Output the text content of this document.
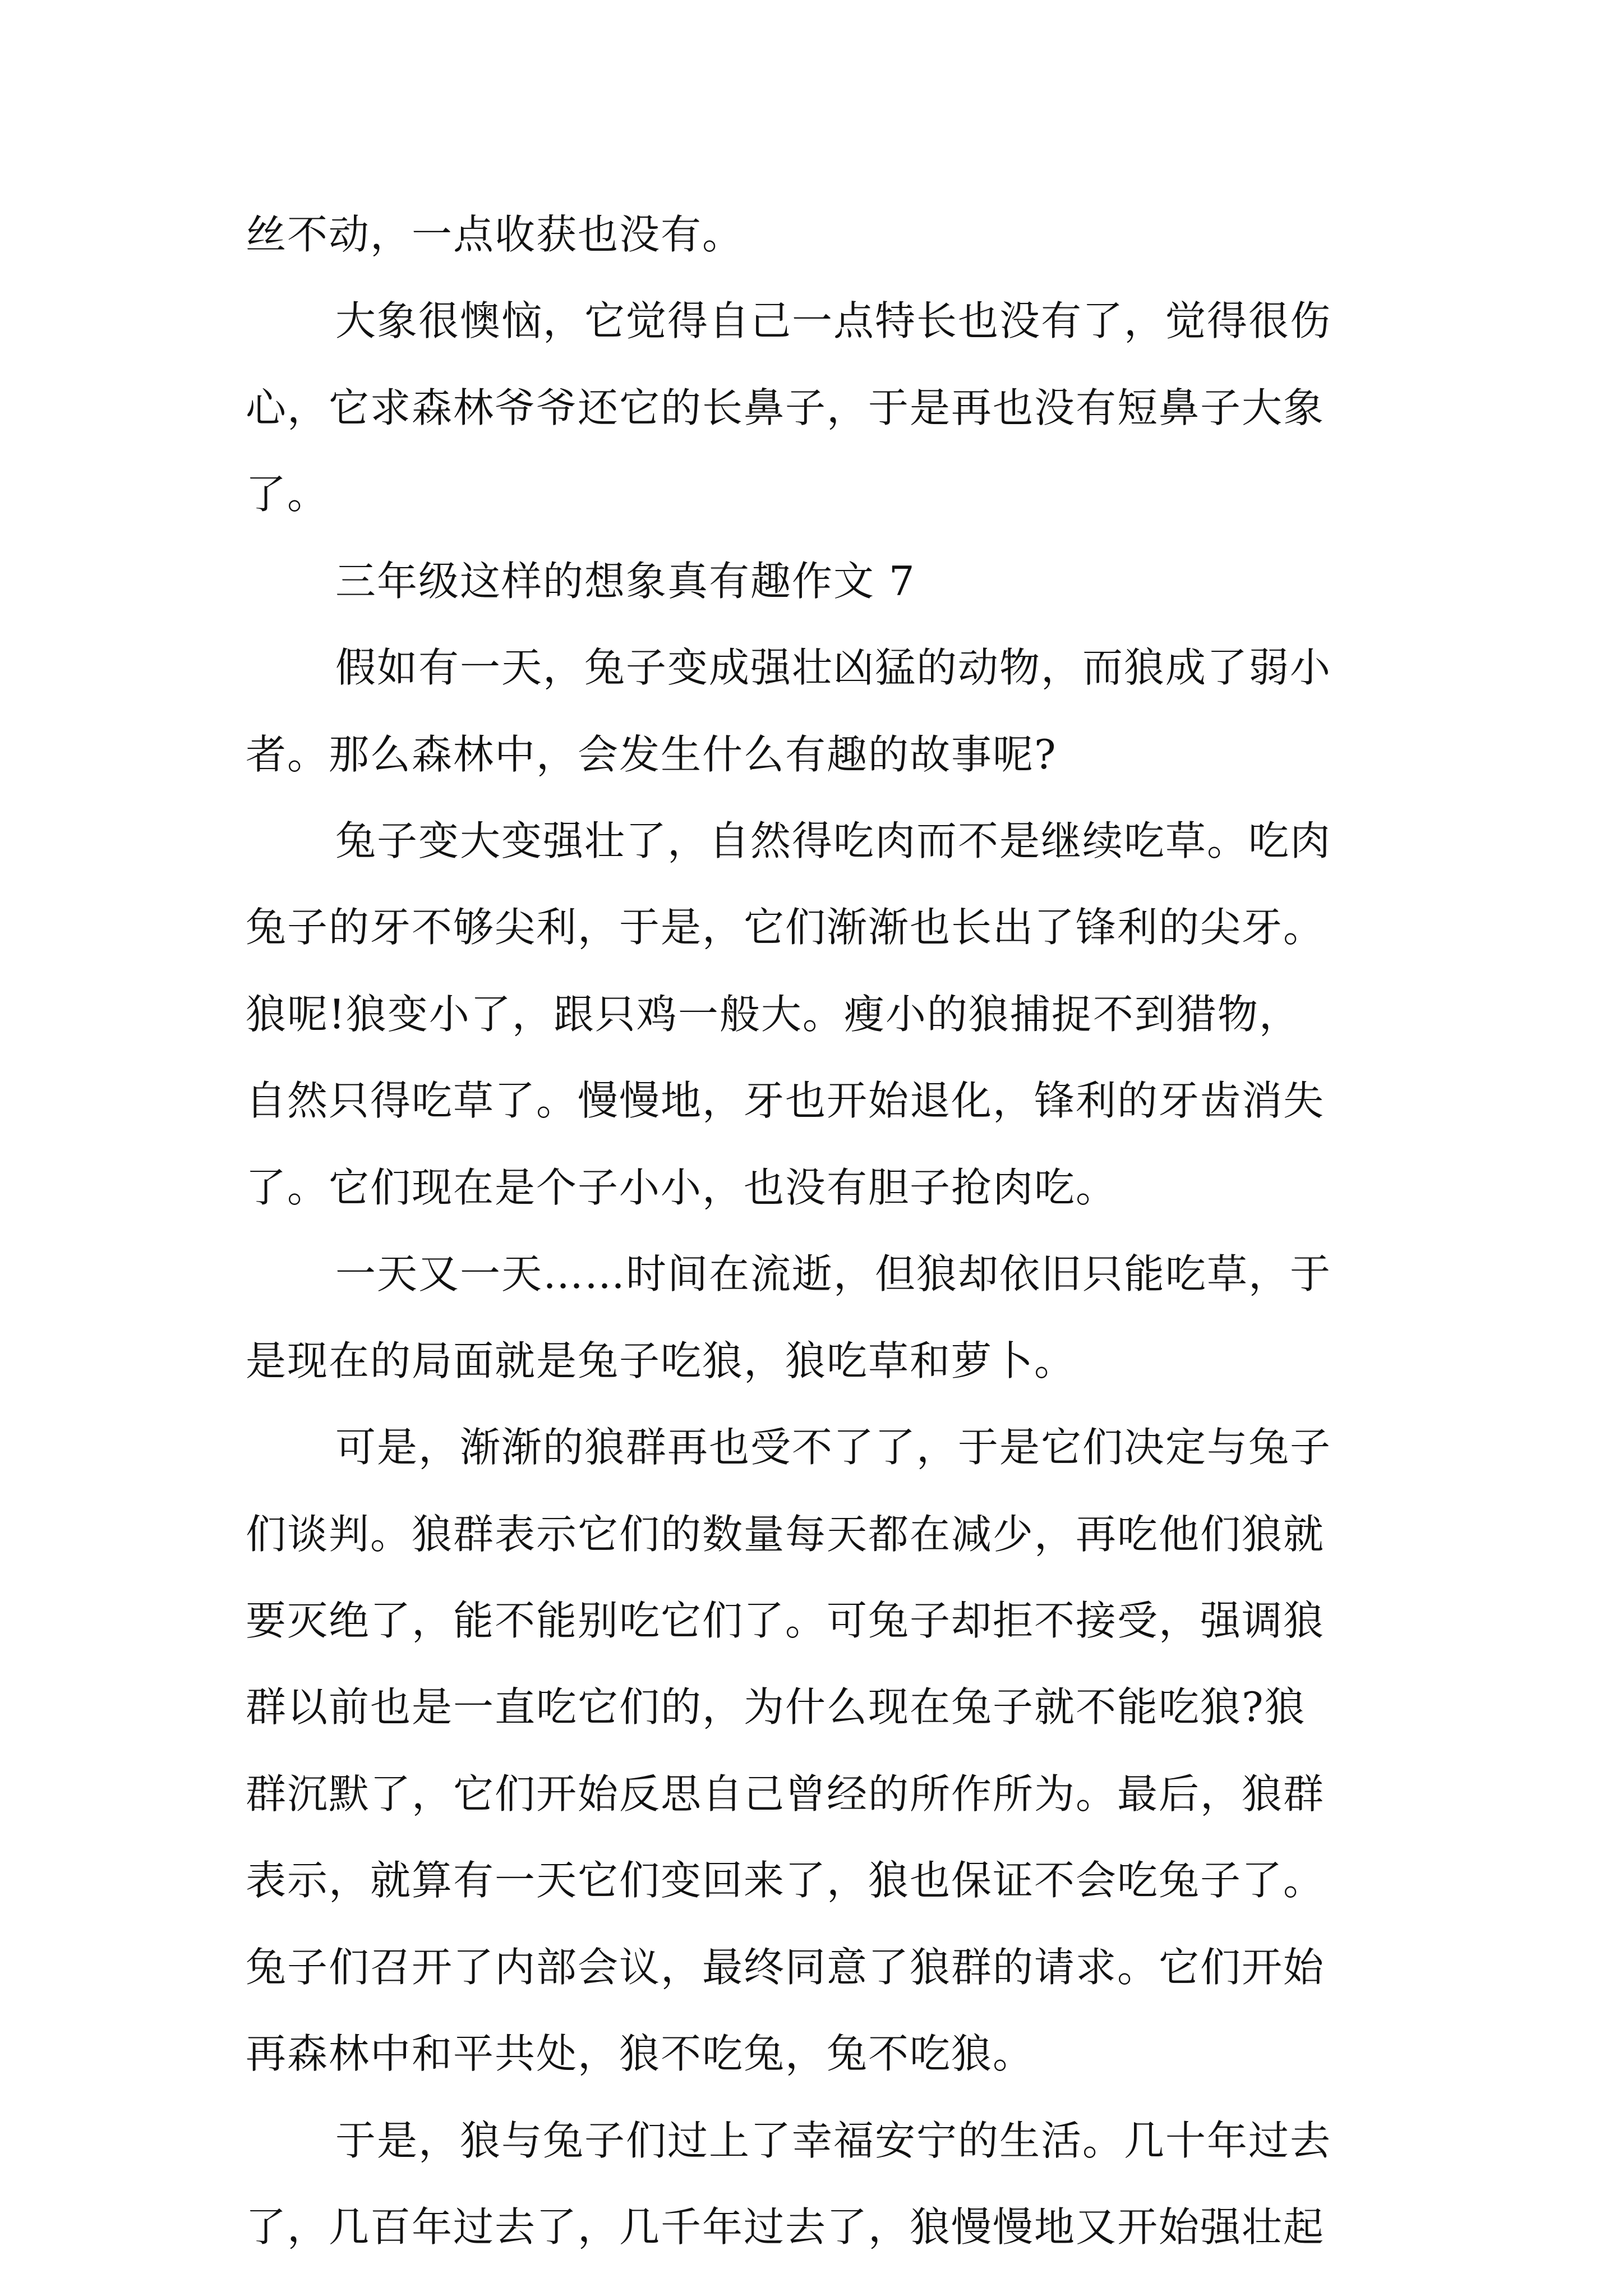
丝不动，一点收获也没有。

大象很懊恼，它觉得自己一点特长也没有了，觉得很伤

心，它求森林爷爷还它的长鼻子，于是再也没有短鼻子大象

了。

三年级这样的想象真有趣作文 7

假如有一天，兔子变成强壮凶猛的动物，而狼成了弱小

者。那么森林中，会发生什么有趣的故事呢?

兔子变大变强壮了，自然得吃肉而不是继续吃草。吃肉

兔子的牙不够尖利，于是，它们渐渐也长出了锋利的尖牙。

狼呢!狼变小了，跟只鸡一般大。瘦小的狼捕捉不到猎物，

自然只得吃草了。慢慢地，牙也开始退化，锋利的牙齿消失

了。它们现在是个子小小，也没有胆子抢肉吃。

一天又一天……时间在流逝，但狼却依旧只能吃草，于

是现在的局面就是兔子吃狼，狼吃草和萝卜。

可是，渐渐的狼群再也受不了了，于是它们决定与兔子

们谈判。狼群表示它们的数量每天都在减少，再吃他们狼就

要灭绝了，能不能别吃它们了。可兔子却拒不接受，强调狼

群以前也是一直吃它们的，为什么现在兔子就不能吃狼?狼

群沉默了，它们开始反思自己曾经的所作所为。最后，狼群

表示，就算有一天它们变回来了，狼也保证不会吃兔子了。

兔子们召开了内部会议，最终同意了狼群的请求。它们开始

再森林中和平共处，狼不吃兔，兔不吃狼。

于是，狼与兔子们过上了幸福安宁的生活。几十年过去

了，几百年过去了，几千年过去了，狼慢慢地又开始强壮起
